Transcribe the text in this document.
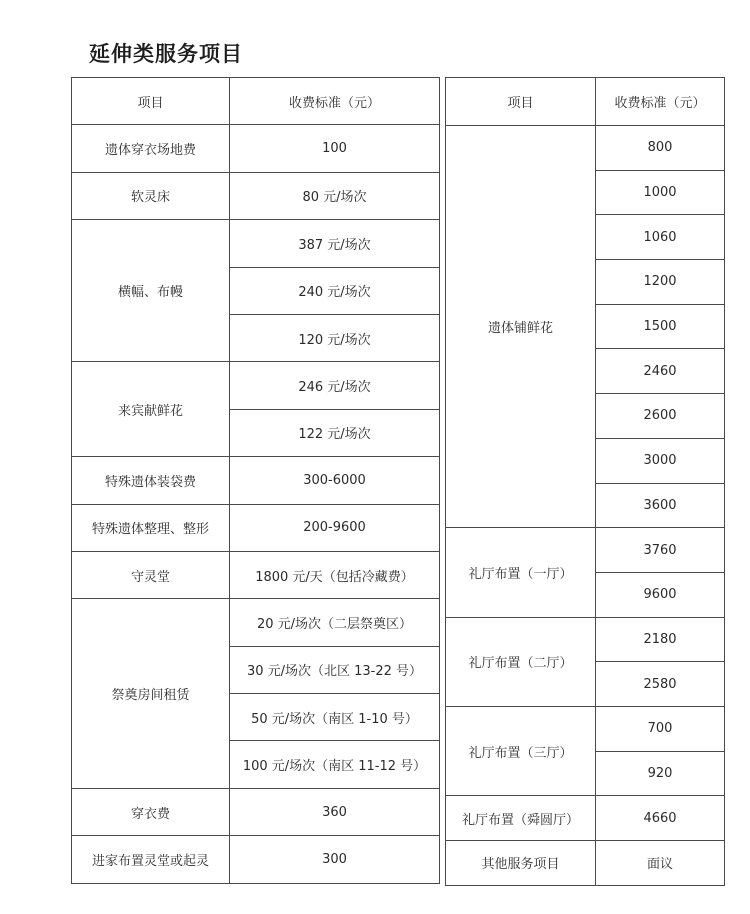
延伸类服务项目
项目	收费标准（元）
遗体穿衣场地费	100
软灵床	80 元/场次
横幅、布幔	387 元/场次
	240 元/场次
	120 元/场次
来宾献鲜花	246 元/场次
	122 元/场次
特殊遗体装袋费	300-6000
特殊遗体整理、整形	200-9600
守灵堂	1800 元/天（包括冷藏费）
祭奠房间租赁	20 元/场次（二层祭奠区）
	30 元/场次（北区 13-22 号）
	50 元/场次（南区 1-10 号）
	100 元/场次（南区 11-12 号）
穿衣费	360
进家布置灵堂或起灵	300
项目	收费标准（元）
遗体铺鲜花	800
	1000
	1060
	1200
	1500
	2460
	2600
	3000
	3600
礼厅布置（一厅）	3760
	9600
礼厅布置（二厅）	2180
	2580
礼厅布置（三厅）	700
	920
礼厅布置（舜圆厅）	4660
其他服务项目	面议
